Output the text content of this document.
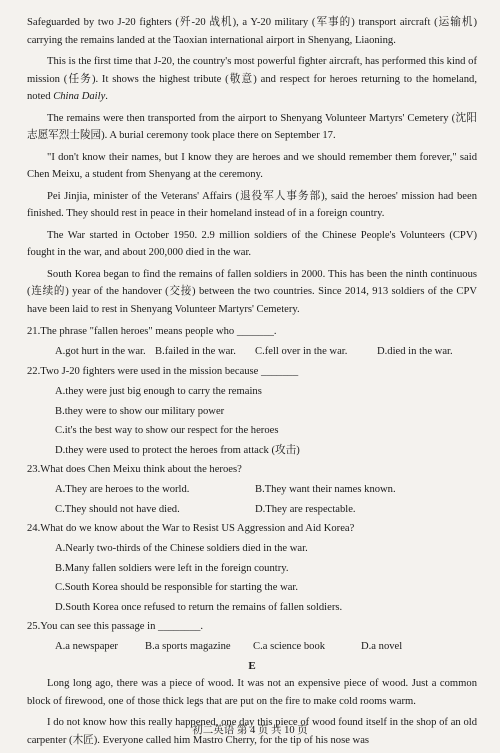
Safeguarded by two J-20 fighters (歼-20 战机), a Y-20 military (军事的) transport aircraft (运输机) carrying the remains landed at the Taoxian international airport in Shenyang, Liaoning.

This is the first time that J-20, the country's most powerful fighter aircraft, has performed this kind of mission (任务). It shows the highest tribute (敬意) and respect for heroes returning to the homeland, noted China Daily.

The remains were then transported from the airport to Shenyang Volunteer Martyrs' Cemetery (沈阳志愿军烈士陵园). A burial ceremony took place there on September 17.

"I don't know their names, but I know they are heroes and we should remember them forever," said Chen Meixu, a student from Shenyang at the ceremony.

Pei Jinjia, minister of the Veterans' Affairs (退役军人事务部), said the heroes' mission had been finished. They should rest in peace in their homeland instead of in a foreign country.

The War started in October 1950. 2.9 million soldiers of the Chinese People's Volunteers (CPV) fought in the war, and about 200,000 died in the war.

South Korea began to find the remains of fallen soldiers in 2000. This has been the ninth continuous (连续的) year of the handover (交接) between the two countries. Since 2014, 913 soldiers of the CPV have been laid to rest in Shenyang Volunteer Martyrs' Cemetery.

21.The phrase "fallen heroes" means people who _______.

A.got hurt in the war. B.failed in the war.	C.fell over in the war.	D.died in the war.

22.Two J-20 fighters were used in the mission because _______

A.they were just big enough to carry the remains

B.they were to show our military power

C.it's the best way to show our respect for the heroes

D.they were used to protect the heroes from attack (攻击)

23.What does Chen Meixu think about the heroes?

A.They are heroes to the world.	B.They want their names known.
C.They should not have died.	D.They are respectable.

24.What do we know about the War to Resist US Aggression and Aid Korea?

A.Nearly two-thirds of the Chinese soldiers died in the war.

B.Many fallen soldiers were left in the foreign country.

C.South Korea should be responsible for starting the war.

D.South Korea once refused to return the remains of fallen soldiers.

25.You can see this passage in ________.

A.a newspaper	B.a sports magazine	C.a science book	D.a novel

E

Long long ago, there was a piece of wood. It was not an expensive piece of wood. Just a common block of firewood, one of those thick legs that are put on the fire to make cold rooms warm.

I do not know how this really happened, one day this piece of wood found itself in the shop of an old carpenter (木匠). Everyone called him Mastro Cherry, for the tip of his nose was

初二英语 第 4 页 共 10 页
